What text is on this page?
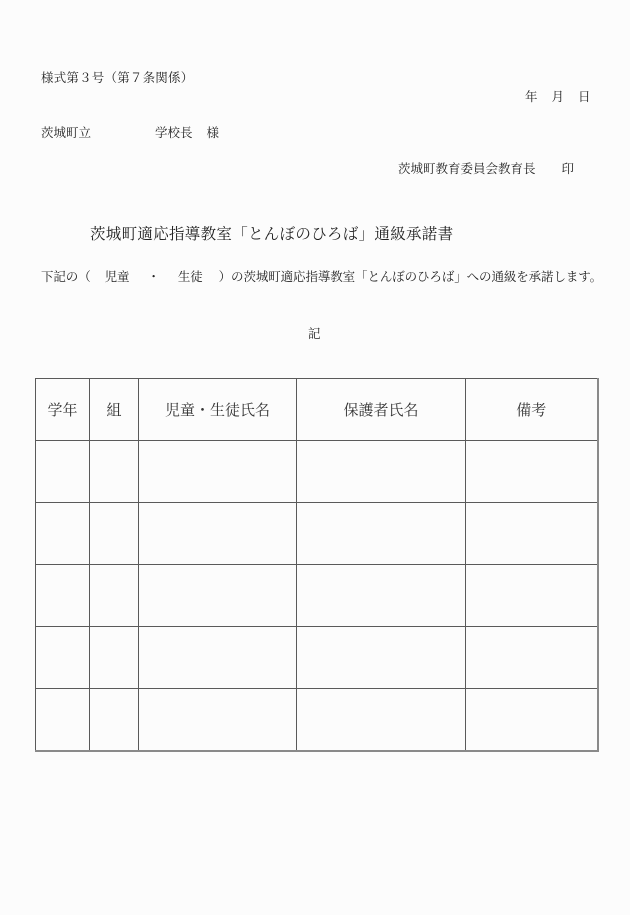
様式第３号（第７条関係）
年 月 日
茨城町立	学校長 様
茨城町教育委員会教育長 印
茨城町適応指導教室「とんぼのひろば」通級承諾書
下記の（ 児童 ・ 生徒 ）の茨城町適応指導教室「とんぼのひろば」への通級を承諾します。
記
学年	組	児童・生徒氏名	保護者氏名	備考
